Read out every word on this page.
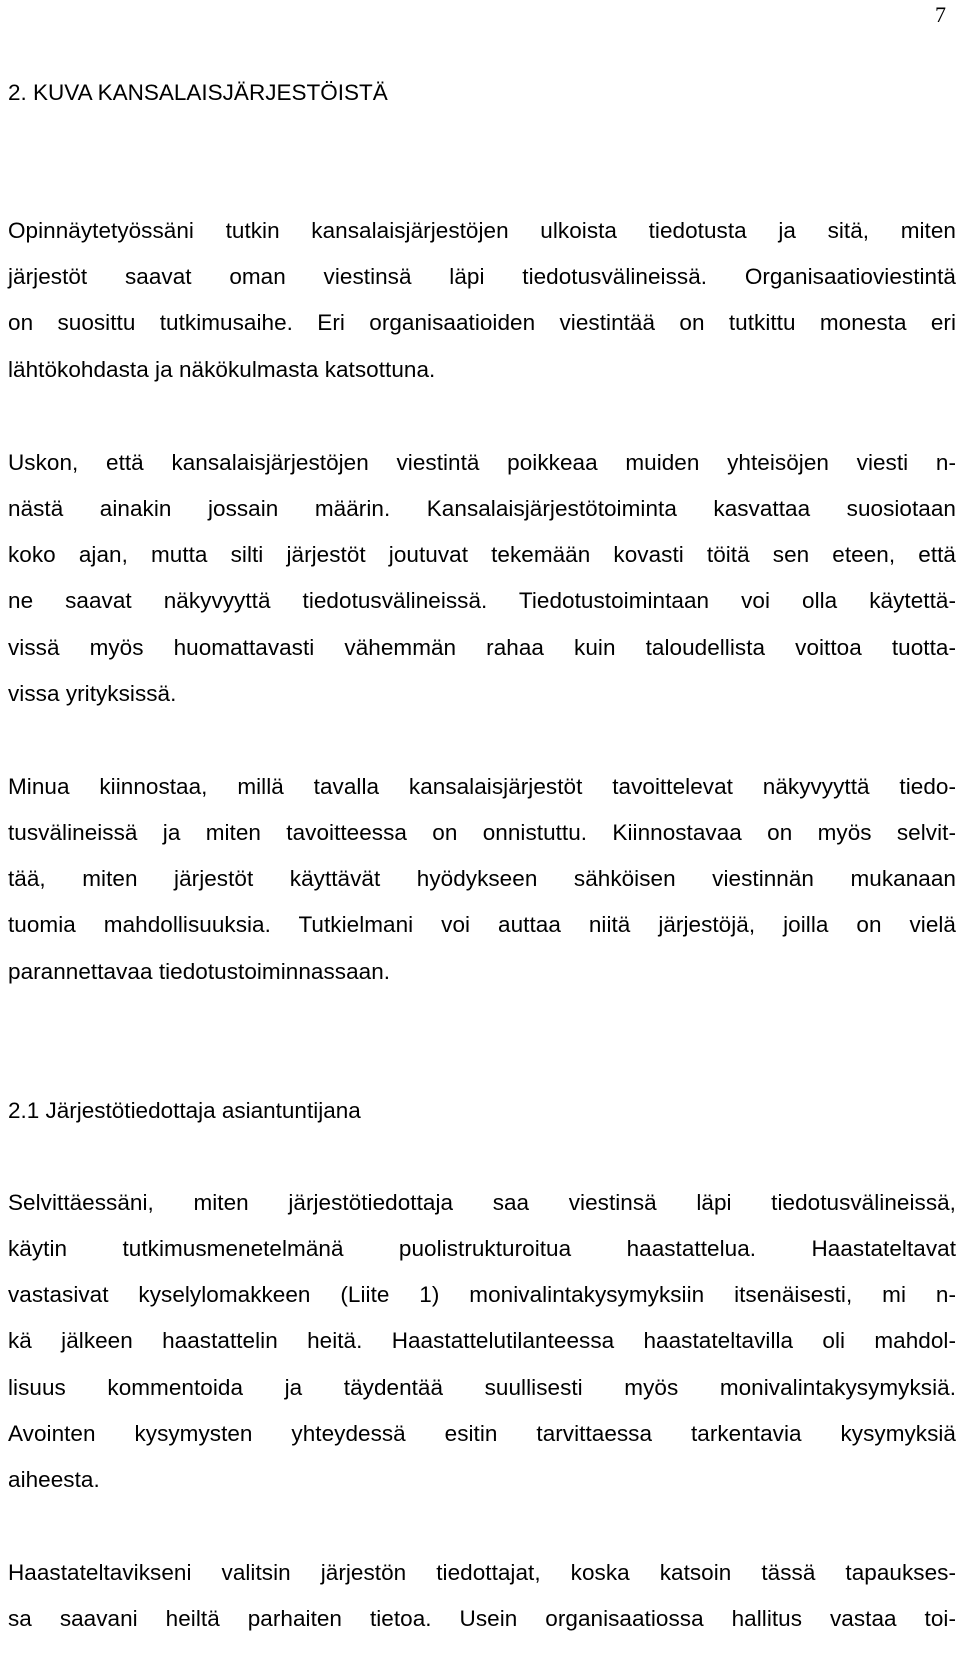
7

2. KUVA KANSALAISJÄRJESTÖISTÄ
Opinnäytetyössäni tutkin kansalaisjärjestöjen ulkoista tiedotusta ja sitä, miten
järjestöt saavat oman viestinsä läpi tiedotusvälineissä. Organisaatioviestintä
on suosittu tutkimusaihe. Eri organisaatioiden viestintää on tutkittu monesta eri
lähtökohdasta ja näkökulmasta katsottuna.
Uskon, että kansalaisjärjestöjen viestintä poikkeaa muiden yhteisöjen viesti n-
nästä ainakin jossain määrin. Kansalaisjärjestötoiminta kasvattaa suosiotaan
koko ajan, mutta silti järjestöt joutuvat tekemään kovasti töitä sen eteen, että
ne saavat näkyvyyttä tiedotusvälineissä. Tiedotustoimintaan voi olla käytettä-
vissä myös huomattavasti vähemmän rahaa kuin taloudellista voittoa tuotta-
vissa yrityksissä.
Minua kiinnostaa, millä tavalla kansalaisjärjestöt tavoittelevat näkyvyyttä tiedo-
tusvälineissä ja miten tavoitteessa on onnistuttu. Kiinnostavaa on myös selvit-
tää, miten järjestöt käyttävät hyödykseen sähköisen viestinnän mukanaan
tuomia mahdollisuuksia. Tutkielmani voi auttaa niitä järjestöjä, joilla on vielä
parannettavaa tiedotustoiminnassaan.
2.1 Järjestötiedottaja asiantuntijana
Selvittäessäni, miten järjestötiedottaja saa viestinsä läpi tiedotusvälineissä,
käytin tutkimusmenetelmänä puolistrukturoitua haastattelua. Haastateltavat
vastasivat kyselylomakkeen (Liite 1) monivalintakysymyksiin itsenäisesti, mi n-
kä jälkeen haastattelin heitä. Haastattelutilanteessa haastateltavilla oli mahdol-
lisuus kommentoida ja täydentää suullisesti myös monivalintakysymyksiä.
Avointen kysymysten yhteydessä esitin tarvittaessa tarkentavia kysymyksiä
aiheesta.
Haastateltavikseni valitsin järjestön tiedottajat, koska katsoin tässä tapaukses-
sa saavani heiltä parhaiten tietoa. Usein organisaatiossa hallitus vastaa toi-
